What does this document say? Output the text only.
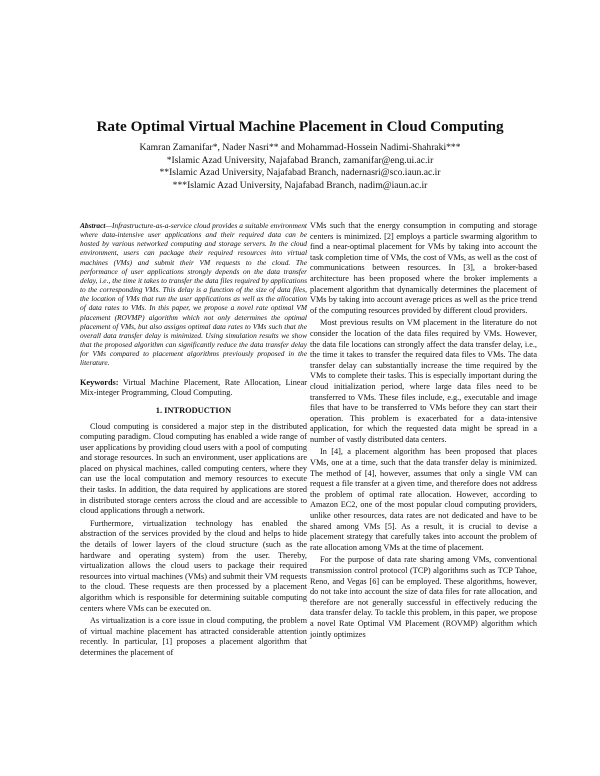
Rate Optimal Virtual Machine Placement in Cloud Computing
Kamran Zamanifar*, Nader Nasri** and Mohammad-Hossein Nadimi-Shahraki***
*Islamic Azad University, Najafabad Branch, zamanifar@eng.ui.ac.ir
**Islamic Azad University, Najafabad Branch, nadernasri@sco.iaun.ac.ir
***Islamic Azad University, Najafabad Branch, nadim@iaun.ac.ir

Abstract—Infrastructure-as-a-service cloud provides a suitable environment where data-intensive user applications and their required data can be hosted by various networked computing and storage servers. In the cloud environment, users can package their required resources into virtual machines (VMs) and submit their VM requests to the cloud. The performance of user applications strongly depends on the data transfer delay, i.e., the time it takes to transfer the data files required by applications to the corresponding VMs. This delay is a function of the size of data files, the location of VMs that run the user applications as well as the allocation of data rates to VMs. In this paper, we propose a novel rate optimal VM placement (ROVMP) algorithm which not only determines the optimal placement of VMs, but also assigns optimal data rates to VMs such that the overall data transfer delay is minimized. Using simulation results we show that the proposed algorithm can significantly reduce the data transfer delay for VMs compared to placement algorithms previously proposed in the literature.

Keywords: Virtual Machine Placement, Rate Allocation, Linear Mix-integer Programming, Cloud Computing.

1. INTRODUCTION

Cloud computing is considered a major step in the distributed computing paradigm. Cloud computing has enabled a wide range of user applications by providing cloud users with a pool of computing and storage resources. In such an environment, user applications are placed on physical machines, called computing centers, where they can use the local computation and memory resources to execute their tasks. In addition, the data required by applications are stored in distributed storage centers across the cloud and are accessible to cloud applications through a network.

Furthermore, virtualization technology has enabled the abstraction of the services provided by the cloud and helps to hide the details of lower layers of the cloud structure (such as the hardware and operating system) from the user. Thereby, virtualization allows the cloud users to package their required resources into virtual machines (VMs) and submit their VM requests to the cloud. These requests are then processed by a placement algorithm which is responsible for determining suitable computing centers where VMs can be executed on.

As virtualization is a core issue in cloud computing, the problem of virtual machine placement has attracted considerable attention recently. In particular, [1] proposes a placement algorithm that determines the placement of

VMs such that the energy consumption in computing and storage centers is minimized. [2] employs a particle swarming algorithm to find a near-optimal placement for VMs by taking into account the task completion time of VMs, the cost of VMs, as well as the cost of communications between resources. In [3], a broker-based architecture has been proposed where the broker implements a placement algorithm that dynamically determines the placement of VMs by taking into account average prices as well as the price trend of the computing resources provided by different cloud providers.

Most previous results on VM placement in the literature do not consider the location of the data files required by VMs. However, the data file locations can strongly affect the data transfer delay, i.e., the time it takes to transfer the required data files to VMs. The data transfer delay can substantially increase the time required by the VMs to complete their tasks. This is especially important during the cloud initialization period, where large data files need to be transferred to VMs. These files include, e.g., executable and image files that have to be transferred to VMs before they can start their operation. This problem is exacerbated for a data-intensive application, for which the requested data might be spread in a number of vastly distributed data centers.

In [4], a placement algorithm has been proposed that places VMs, one at a time, such that the data transfer delay is minimized. The method of [4], however, assumes that only a single VM can request a file transfer at a given time, and therefore does not address the problem of optimal rate allocation. However, according to Amazon EC2, one of the most popular cloud computing providers, unlike other resources, data rates are not dedicated and have to be shared among VMs [5]. As a result, it is crucial to devise a placement strategy that carefully takes into account the problem of rate allocation among VMs at the time of placement.

For the purpose of data rate sharing among VMs, conventional transmission control protocol (TCP) algorithms such as TCP Tahoe, Reno, and Vegas [6] can be employed. These algorithms, however, do not take into account the size of data files for rate allocation, and therefore are not generally successful in effectively reducing the data transfer delay. To tackle this problem, in this paper, we propose a novel Rate Optimal VM Placement (ROVMP) algorithm which jointly optimizes
